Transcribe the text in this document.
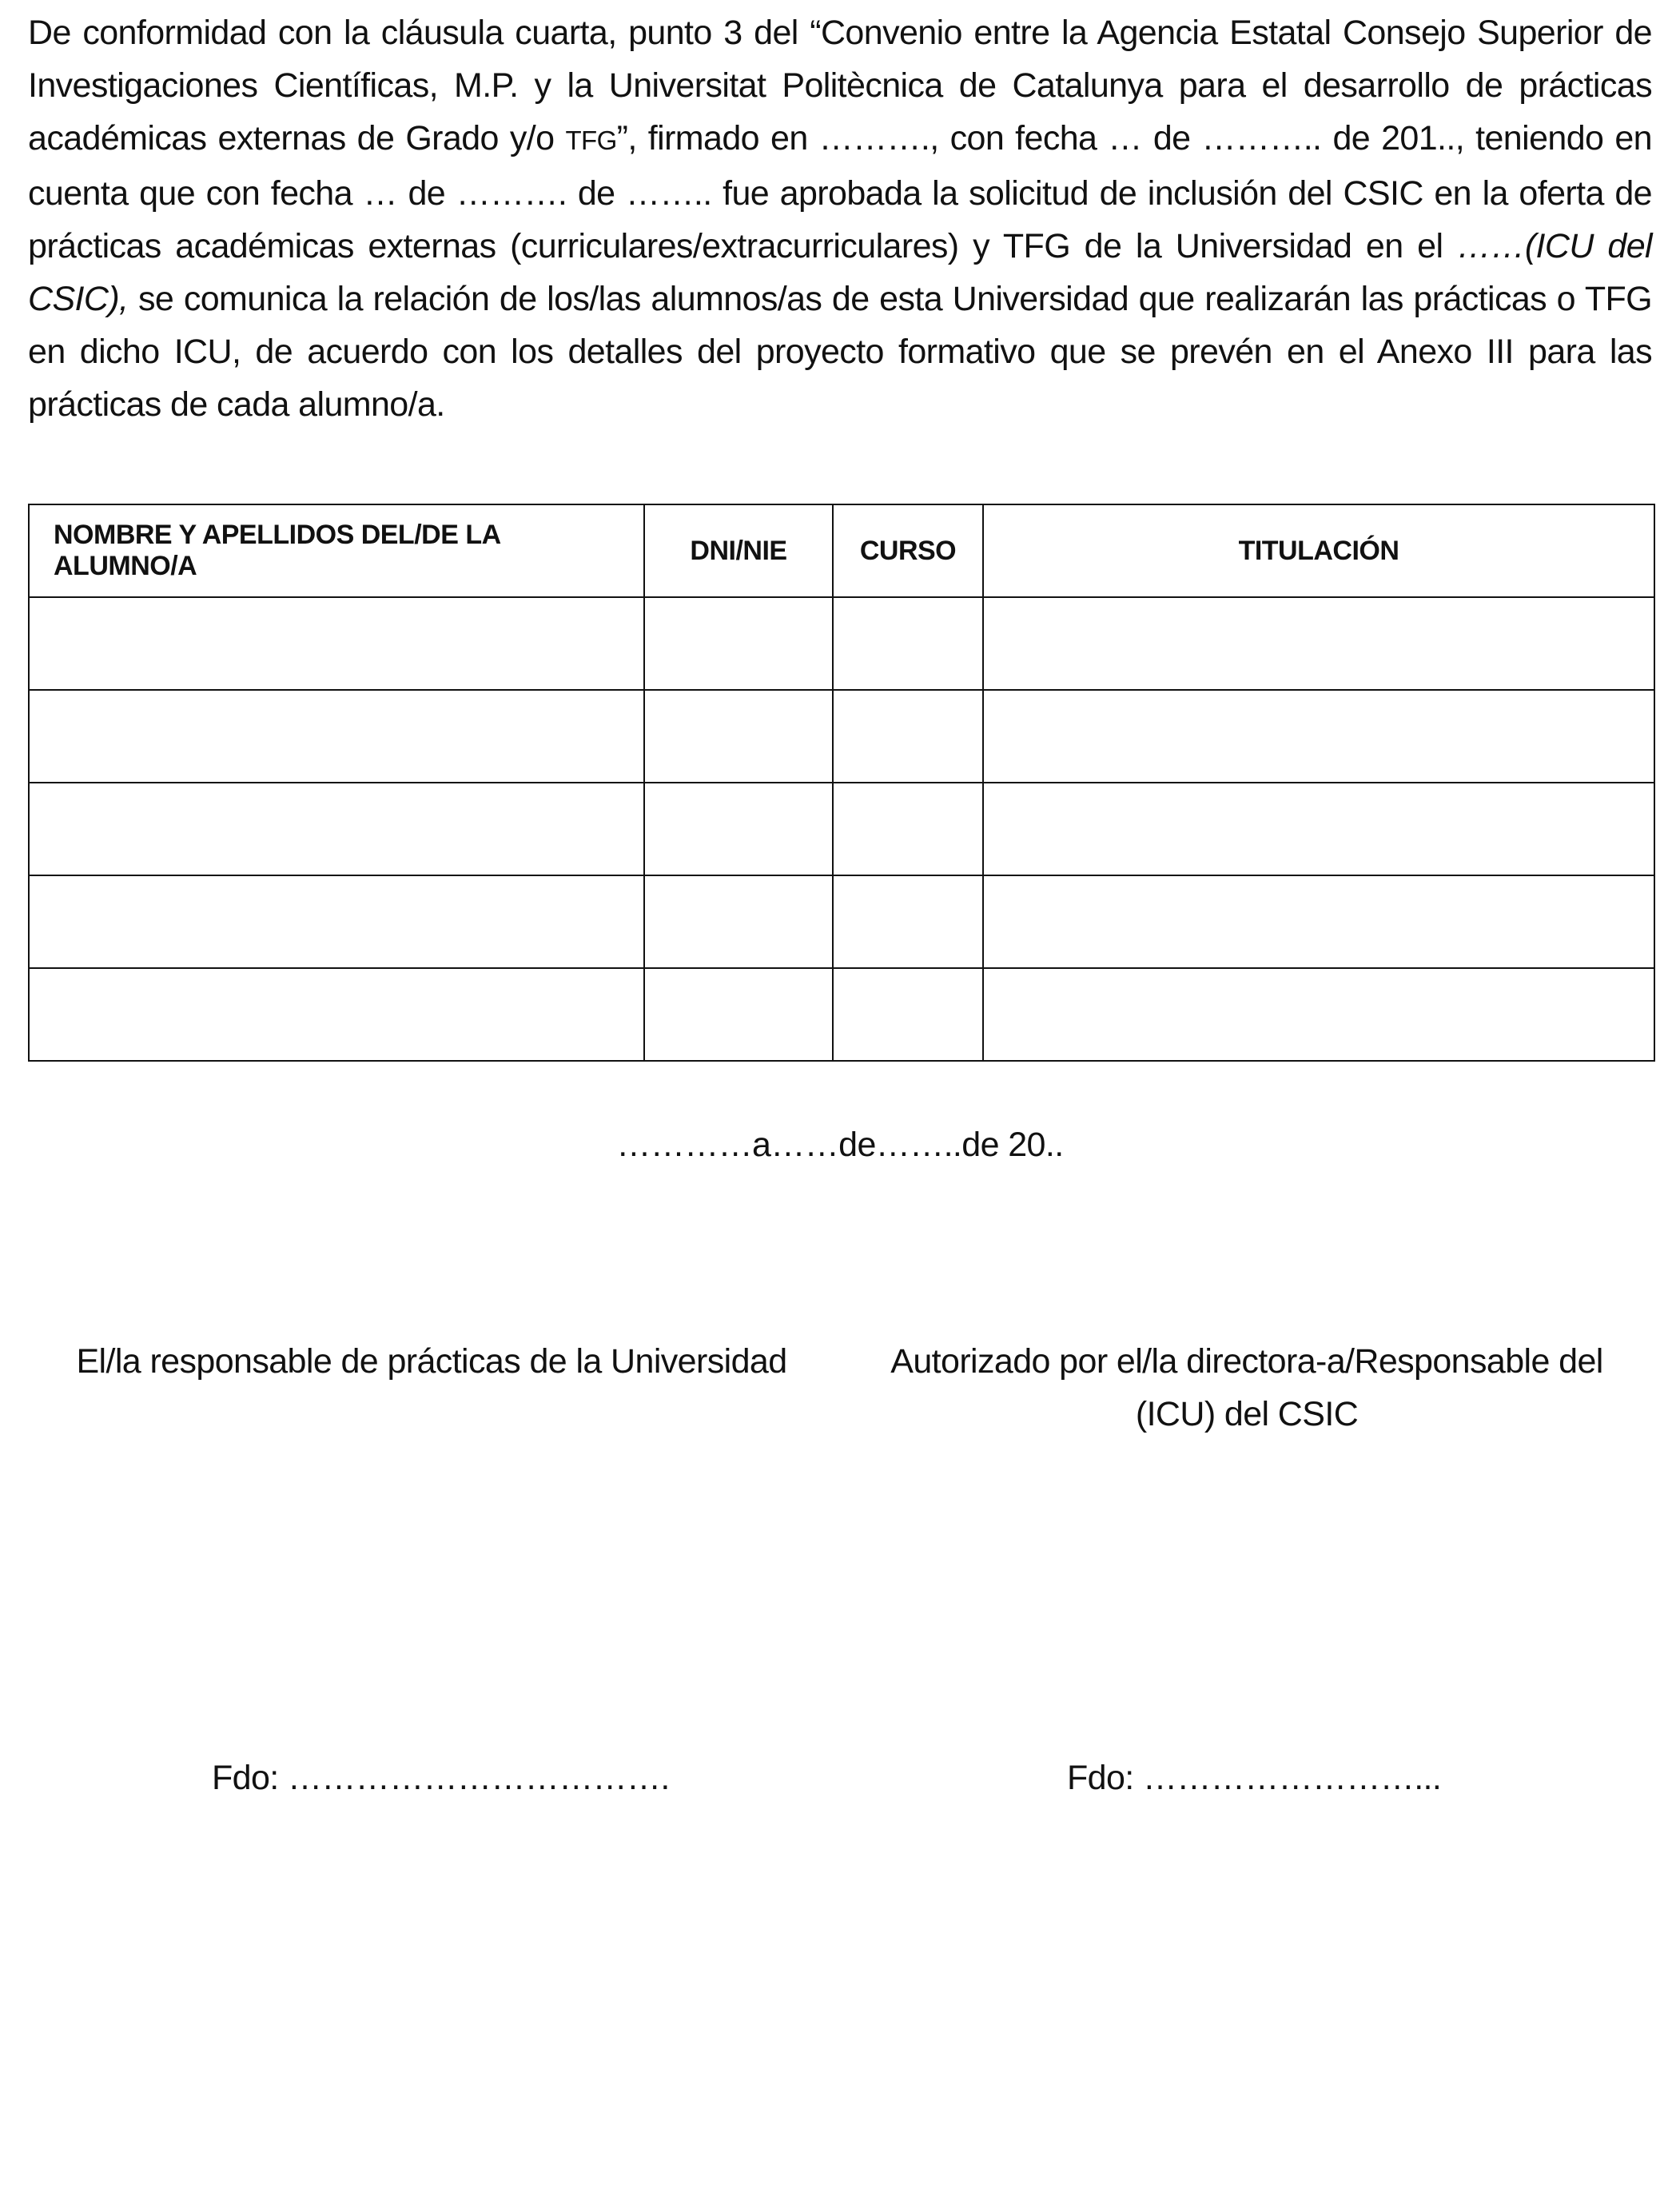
De conformidad con la cláusula cuarta, punto 3 del “Convenio entre la Agencia Estatal Consejo Superior de Investigaciones Científicas, M.P. y la Universitat Politècnica de Catalunya para el desarrollo de prácticas académicas externas de Grado y/o TFG”, firmado en ………., con fecha … de ……….. de 201.., teniendo en cuenta que con fecha … de ………. de …….. fue aprobada la solicitud de inclusión del CSIC en la oferta de prácticas académicas externas (curriculares/extracurriculares) y TFG de la Universidad en el ……(ICU del CSIC), se comunica la relación de los/las alumnos/as de esta Universidad que realizarán las prácticas o TFG en dicho ICU, de acuerdo con los detalles del proyecto formativo que se prevén en el Anexo III para las prácticas de cada alumno/a.

NOMBRE Y APELLIDOS DEL/DE LA ALUMNO/A	DNI/NIE	CURSO	TITULACIÓN

…………a……de……..de 20..
El/la responsable de prácticas de la Universidad	Autorizado por el/la directora-a/Responsable del
(ICU) del CSIC
Fdo: …………………………….	Fdo: ……………………...
